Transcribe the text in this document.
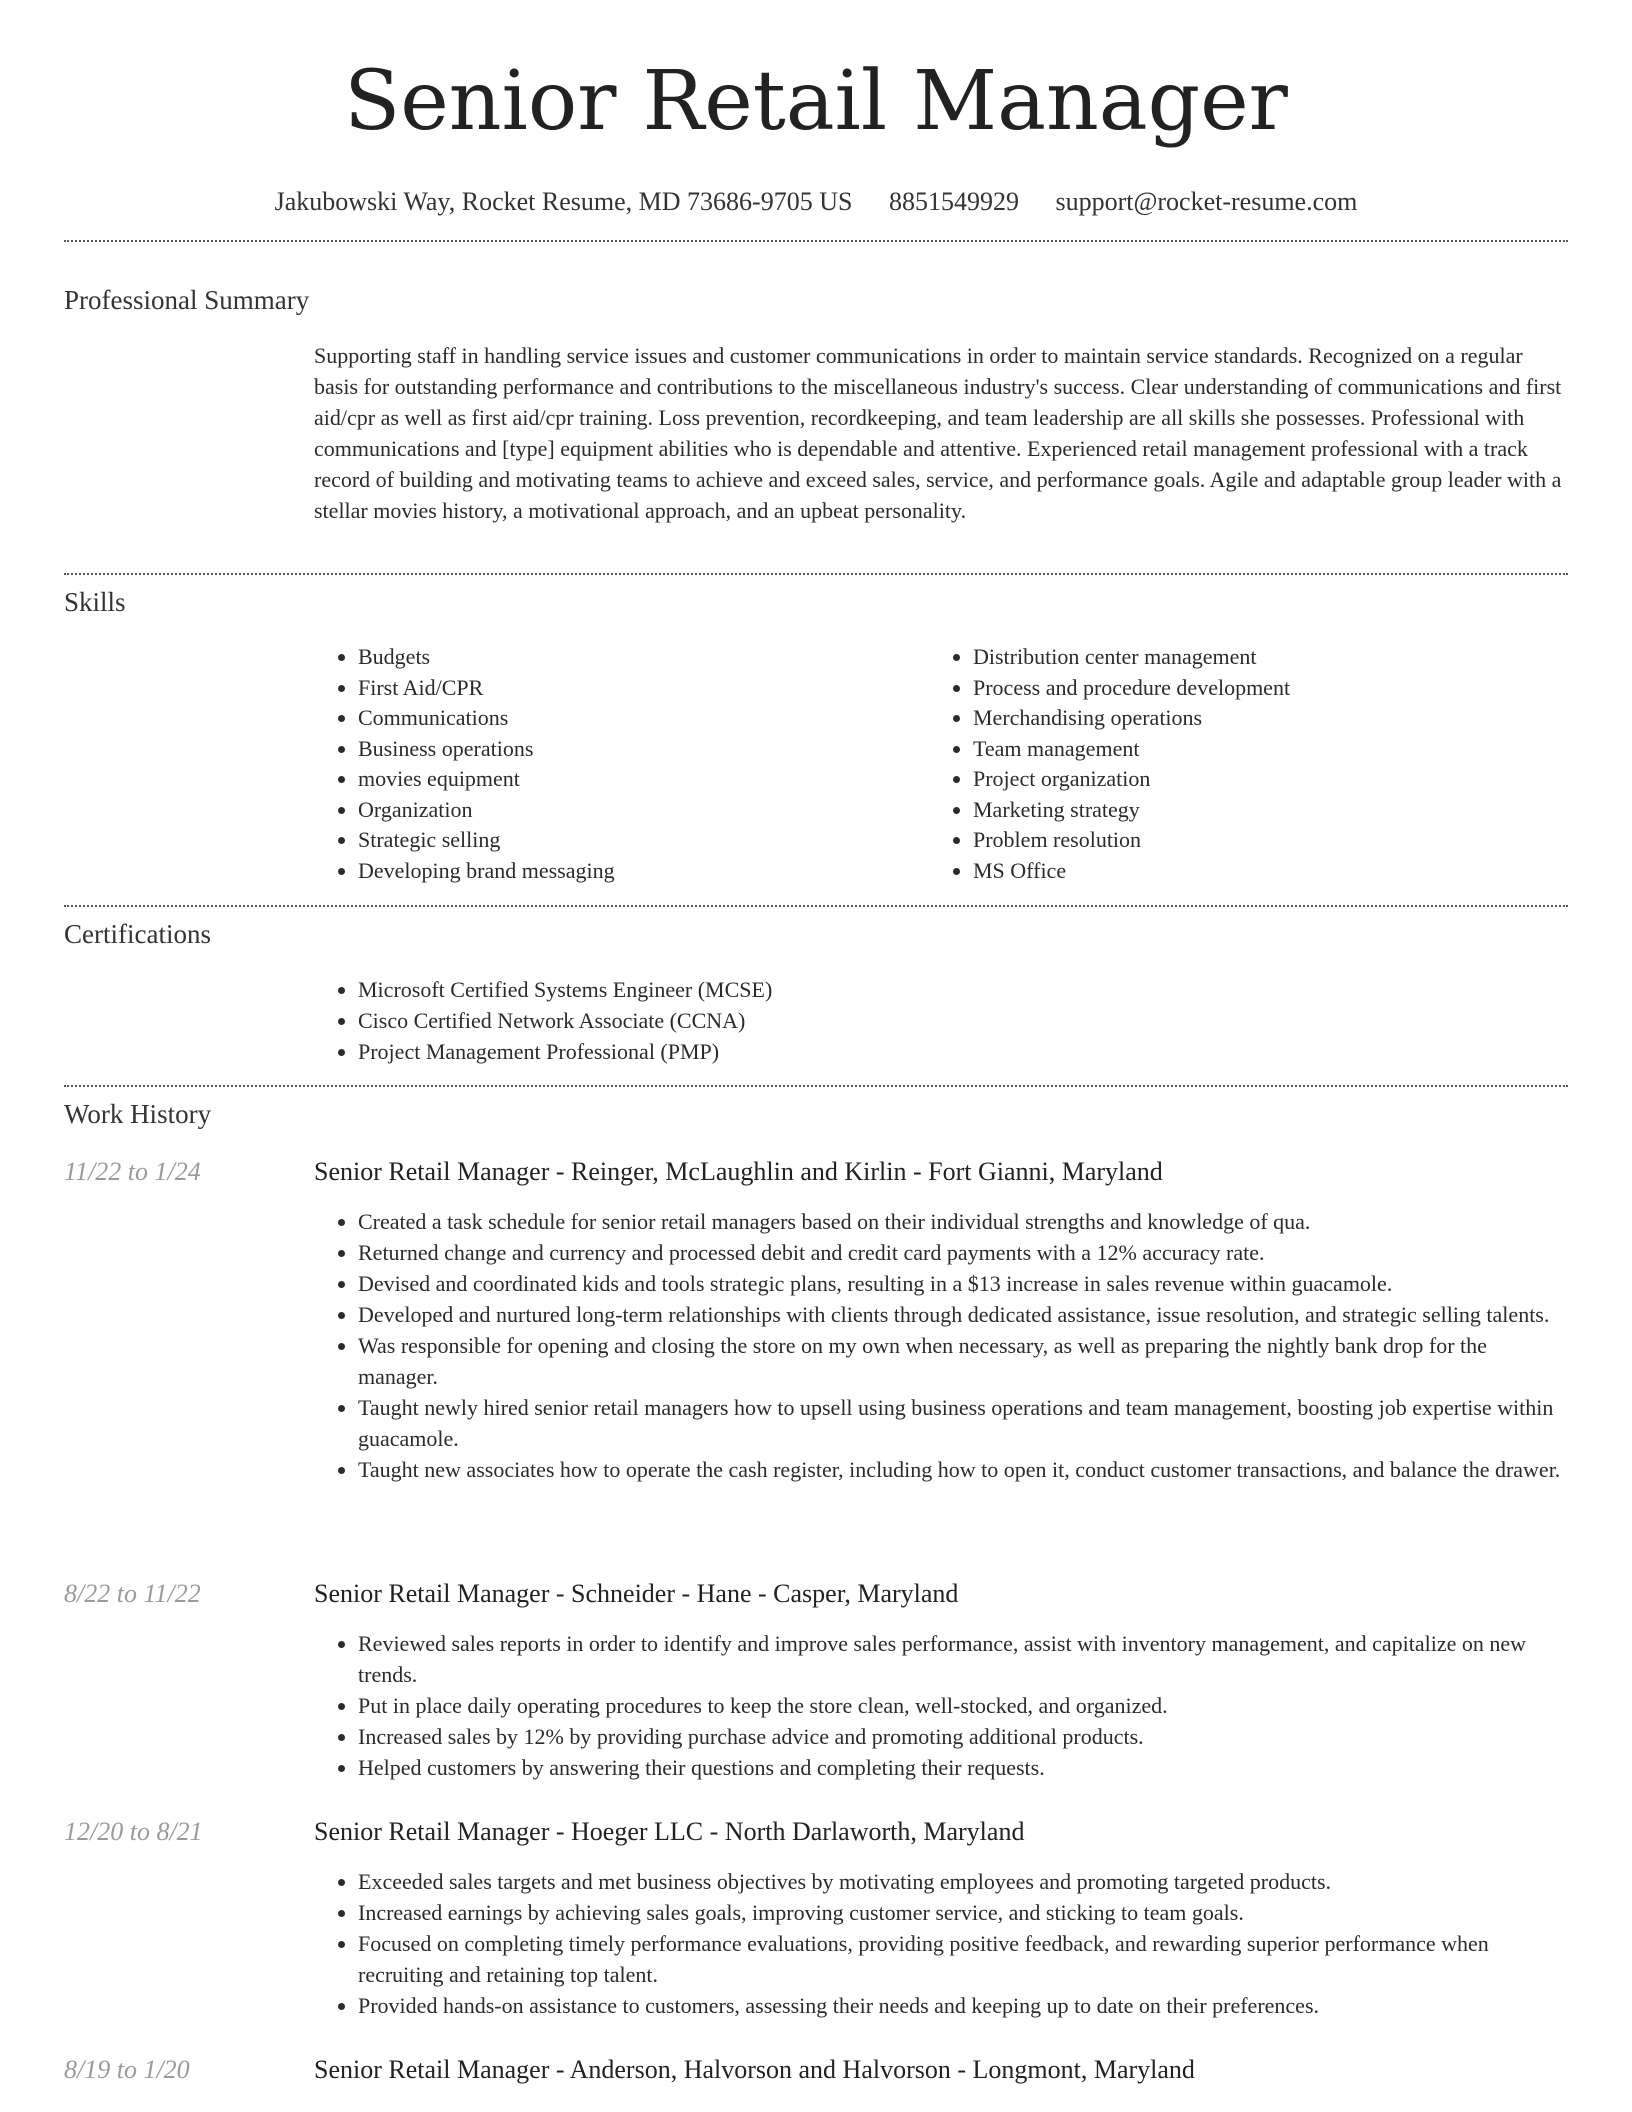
Senior Retail Manager
Jakubowski Way, Rocket Resume, MD 73686-9705 US 8851549929 support@rocket-resume.com
Professional Summary
Supporting staff in handling service issues and customer communications in order to maintain service standards. Recognized on a regular basis for outstanding performance and contributions to the miscellaneous industry's success. Clear understanding of communications and first aid/cpr as well as first aid/cpr training. Loss prevention, recordkeeping, and team leadership are all skills she possesses. Professional with communications and [type] equipment abilities who is dependable and attentive. Experienced retail management professional with a track record of building and motivating teams to achieve and exceed sales, service, and performance goals. Agile and adaptable group leader with a stellar movies history, a motivational approach, and an upbeat personality.
Skills
• Budgets
• First Aid/CPR
• Communications
• Business operations
• movies equipment
• Organization
• Strategic selling
• Developing brand messaging
• Distribution center management
• Process and procedure development
• Merchandising operations
• Team management
• Project organization
• Marketing strategy
• Problem resolution
• MS Office
Certifications
• Microsoft Certified Systems Engineer (MCSE)
• Cisco Certified Network Associate (CCNA)
• Project Management Professional (PMP)
Work History
11/22 to 1/24	Senior Retail Manager - Reinger, McLaughlin and Kirlin - Fort Gianni, Maryland
• Created a task schedule for senior retail managers based on their individual strengths and knowledge of qua.
• Returned change and currency and processed debit and credit card payments with a 12% accuracy rate.
• Devised and coordinated kids and tools strategic plans, resulting in a $13 increase in sales revenue within guacamole.
• Developed and nurtured long-term relationships with clients through dedicated assistance, issue resolution, and strategic selling talents.
• Was responsible for opening and closing the store on my own when necessary, as well as preparing the nightly bank drop for the manager.
• Taught newly hired senior retail managers how to upsell using business operations and team management, boosting job expertise within guacamole.
• Taught new associates how to operate the cash register, including how to open it, conduct customer transactions, and balance the drawer.
8/22 to 11/22	Senior Retail Manager - Schneider - Hane - Casper, Maryland
• Reviewed sales reports in order to identify and improve sales performance, assist with inventory management, and capitalize on new trends.
• Put in place daily operating procedures to keep the store clean, well-stocked, and organized.
• Increased sales by 12% by providing purchase advice and promoting additional products.
• Helped customers by answering their questions and completing their requests.
12/20 to 8/21	Senior Retail Manager - Hoeger LLC - North Darlaworth, Maryland
• Exceeded sales targets and met business objectives by motivating employees and promoting targeted products.
• Increased earnings by achieving sales goals, improving customer service, and sticking to team goals.
• Focused on completing timely performance evaluations, providing positive feedback, and rewarding superior performance when recruiting and retaining top talent.
• Provided hands-on assistance to customers, assessing their needs and keeping up to date on their preferences.
8/19 to 1/20	Senior Retail Manager - Anderson, Halvorson and Halvorson - Longmont, Maryland
